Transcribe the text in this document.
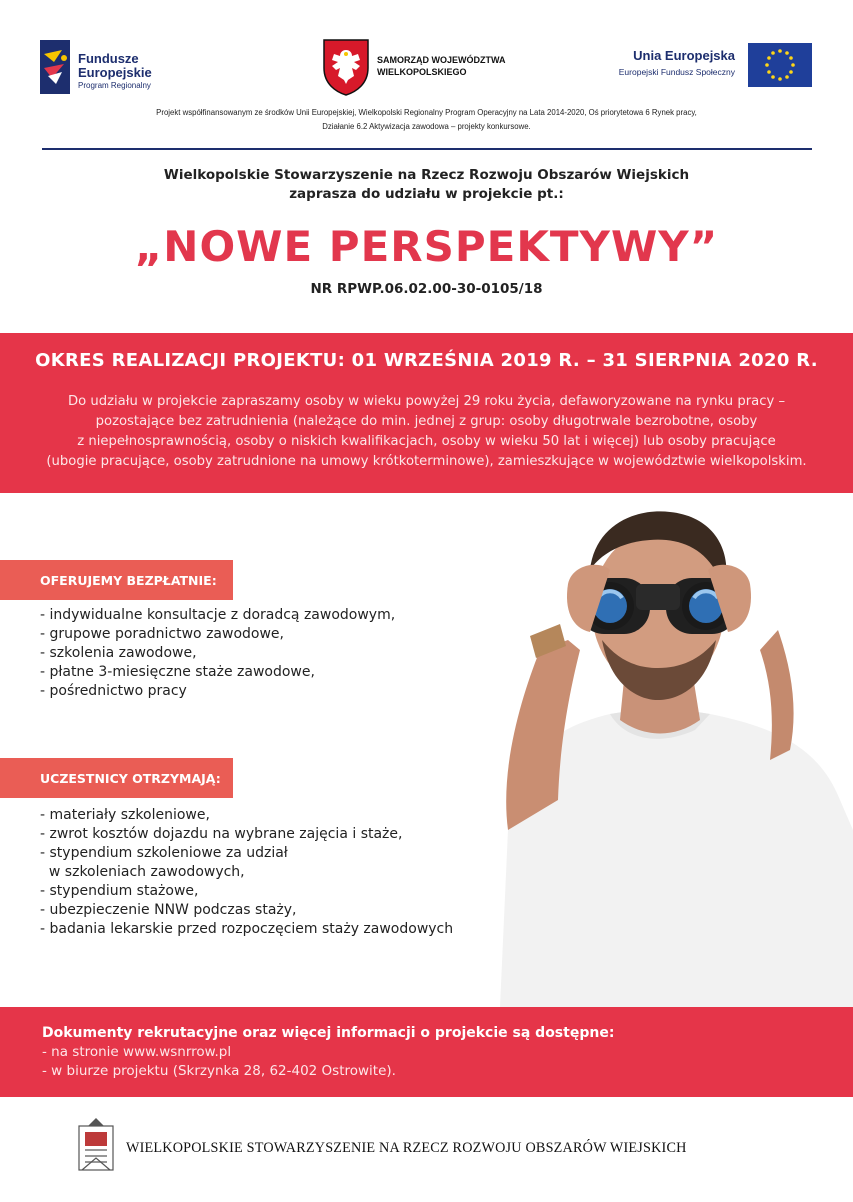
Fundusze
Europejskie
Program Regionalny
SAMORZĄD WOJEWÓDZTWA
WIELKOPOLSKIEGO
Unia Europejska
Europejski Fundusz Społeczny
Projekt współfinansowanym ze środków Unii Europejskiej, Wielkopolski Regionalny Program Operacyjny na Lata 2014-2020, Oś priorytetowa 6 Rynek pracy,
Działanie 6.2 Aktywizacja zawodowa – projekty konkursowe.
Wielkopolskie Stowarzyszenie na Rzecz Rozwoju Obszarów Wiejskich
zaprasza do udziału w projekcie pt.:
„NOWE PERSPEKTYWY”
NR RPWP.06.02.00-30-0105/18
OKRES REALIZACJI PROJEKTU: 01 WRZEŚNIA 2019 R. – 31 SIERPNIA 2020 R.
Do udziału w projekcie zapraszamy osoby w wieku powyżej 29 roku życia, defaworyzowane na rynku pracy –
pozostające bez zatrudnienia (należące do min. jednej z grup: osoby długotrwale bezrobotne, osoby
z niepełnosprawnością, osoby o niskich kwalifikacjach, osoby w wieku 50 lat i więcej) lub osoby pracujące
(ubogie pracujące, osoby zatrudnione na umowy krótkoterminowe), zamieszkujące w województwie wielkopolskim.
OFERUJEMY BEZPŁATNIE:
- indywidualne konsultacje z doradcą zawodowym,
- grupowe poradnictwo zawodowe,
- szkolenia zawodowe,
- płatne 3-miesięczne staże zawodowe,
- pośrednictwo pracy
UCZESTNICY OTRZYMAJĄ:
- materiały szkoleniowe,
- zwrot kosztów dojazdu na wybrane zajęcia i staże,
- stypendium szkoleniowe za udział
w szkoleniach zawodowych,
- stypendium stażowe,
- ubezpieczenie NNW podczas staży,
- badania lekarskie przed rozpoczęciem staży zawodowych
Dokumenty rekrutacyjne oraz więcej informacji o projekcie są dostępne:
- na stronie www.wsnrrow.pl
- w biurze projektu (Skrzynka 28, 62-402 Ostrowite).
WIELKOPOLSKIE STOWARZYSZENIE NA RZECZ ROZWOJU OBSZARÓW WIEJSKICH
